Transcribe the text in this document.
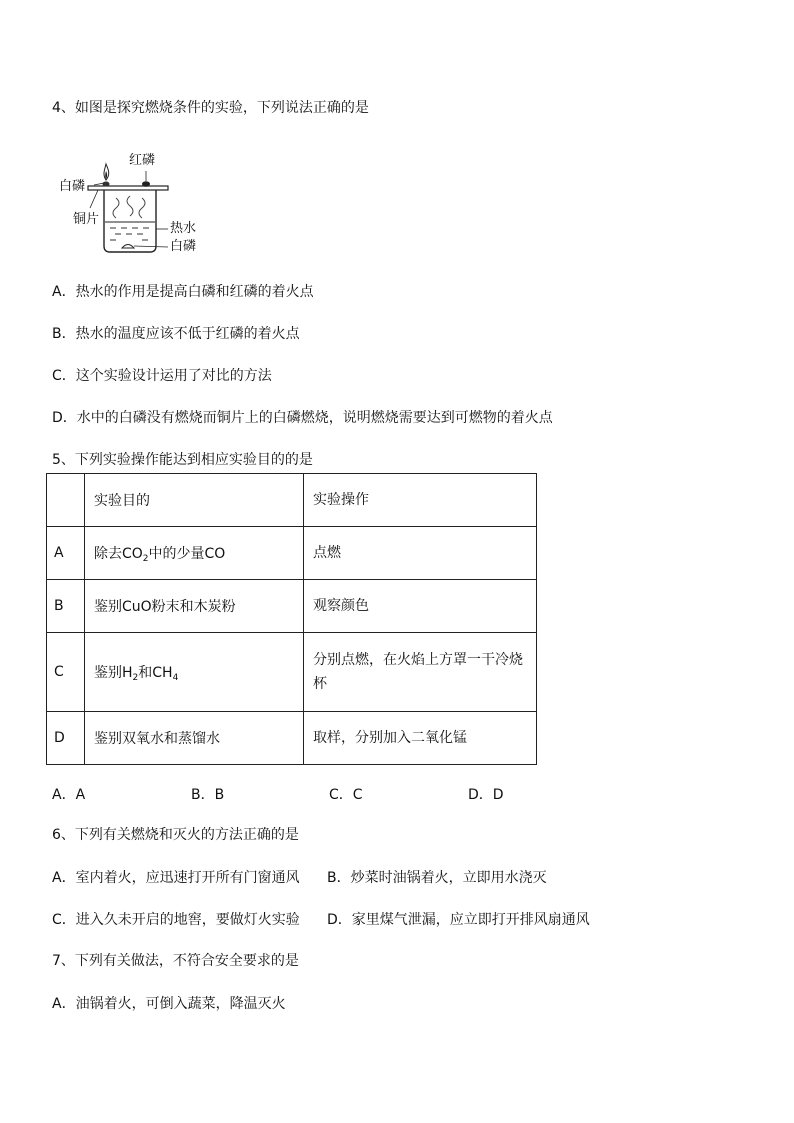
4、如图是探究燃烧条件的实验，下列说法正确的是
红磷
白磷
铜片
热水
白磷
A．热水的作用是提高白磷和红磷的着火点
B．热水的温度应该不低于红磷的着火点
C．这个实验设计运用了对比的方法
D．水中的白磷没有燃烧而铜片上的白磷燃烧，说明燃烧需要达到可燃物的着火点
5、下列实验操作能达到相应实验目的的是
	实验目的	实验操作
A	除去$CO_2$中的少量CO	点燃
B	鉴别CuO粉末和木炭粉	观察颜色
C	鉴别$H_2$和$CH_4$	分别点燃，在火焰上方罩一干冷烧
杯

D	鉴别双氧水和蒸馏水	取样，分别加入二氧化锰
A．A	B．B	C．C	D．D
6、下列有关燃烧和灭火的方法正确的是
A．室内着火，应迅速打开所有门窗通风 B．炒菜时油锅着火，立即用水浇灭
C．进入久未开启的地窖，要做灯火实验 D．家里煤气泄漏，应立即打开排风扇通风
7、下列有关做法，不符合安全要求的是
A．油锅着火，可倒入蔬菜，降温灭火
